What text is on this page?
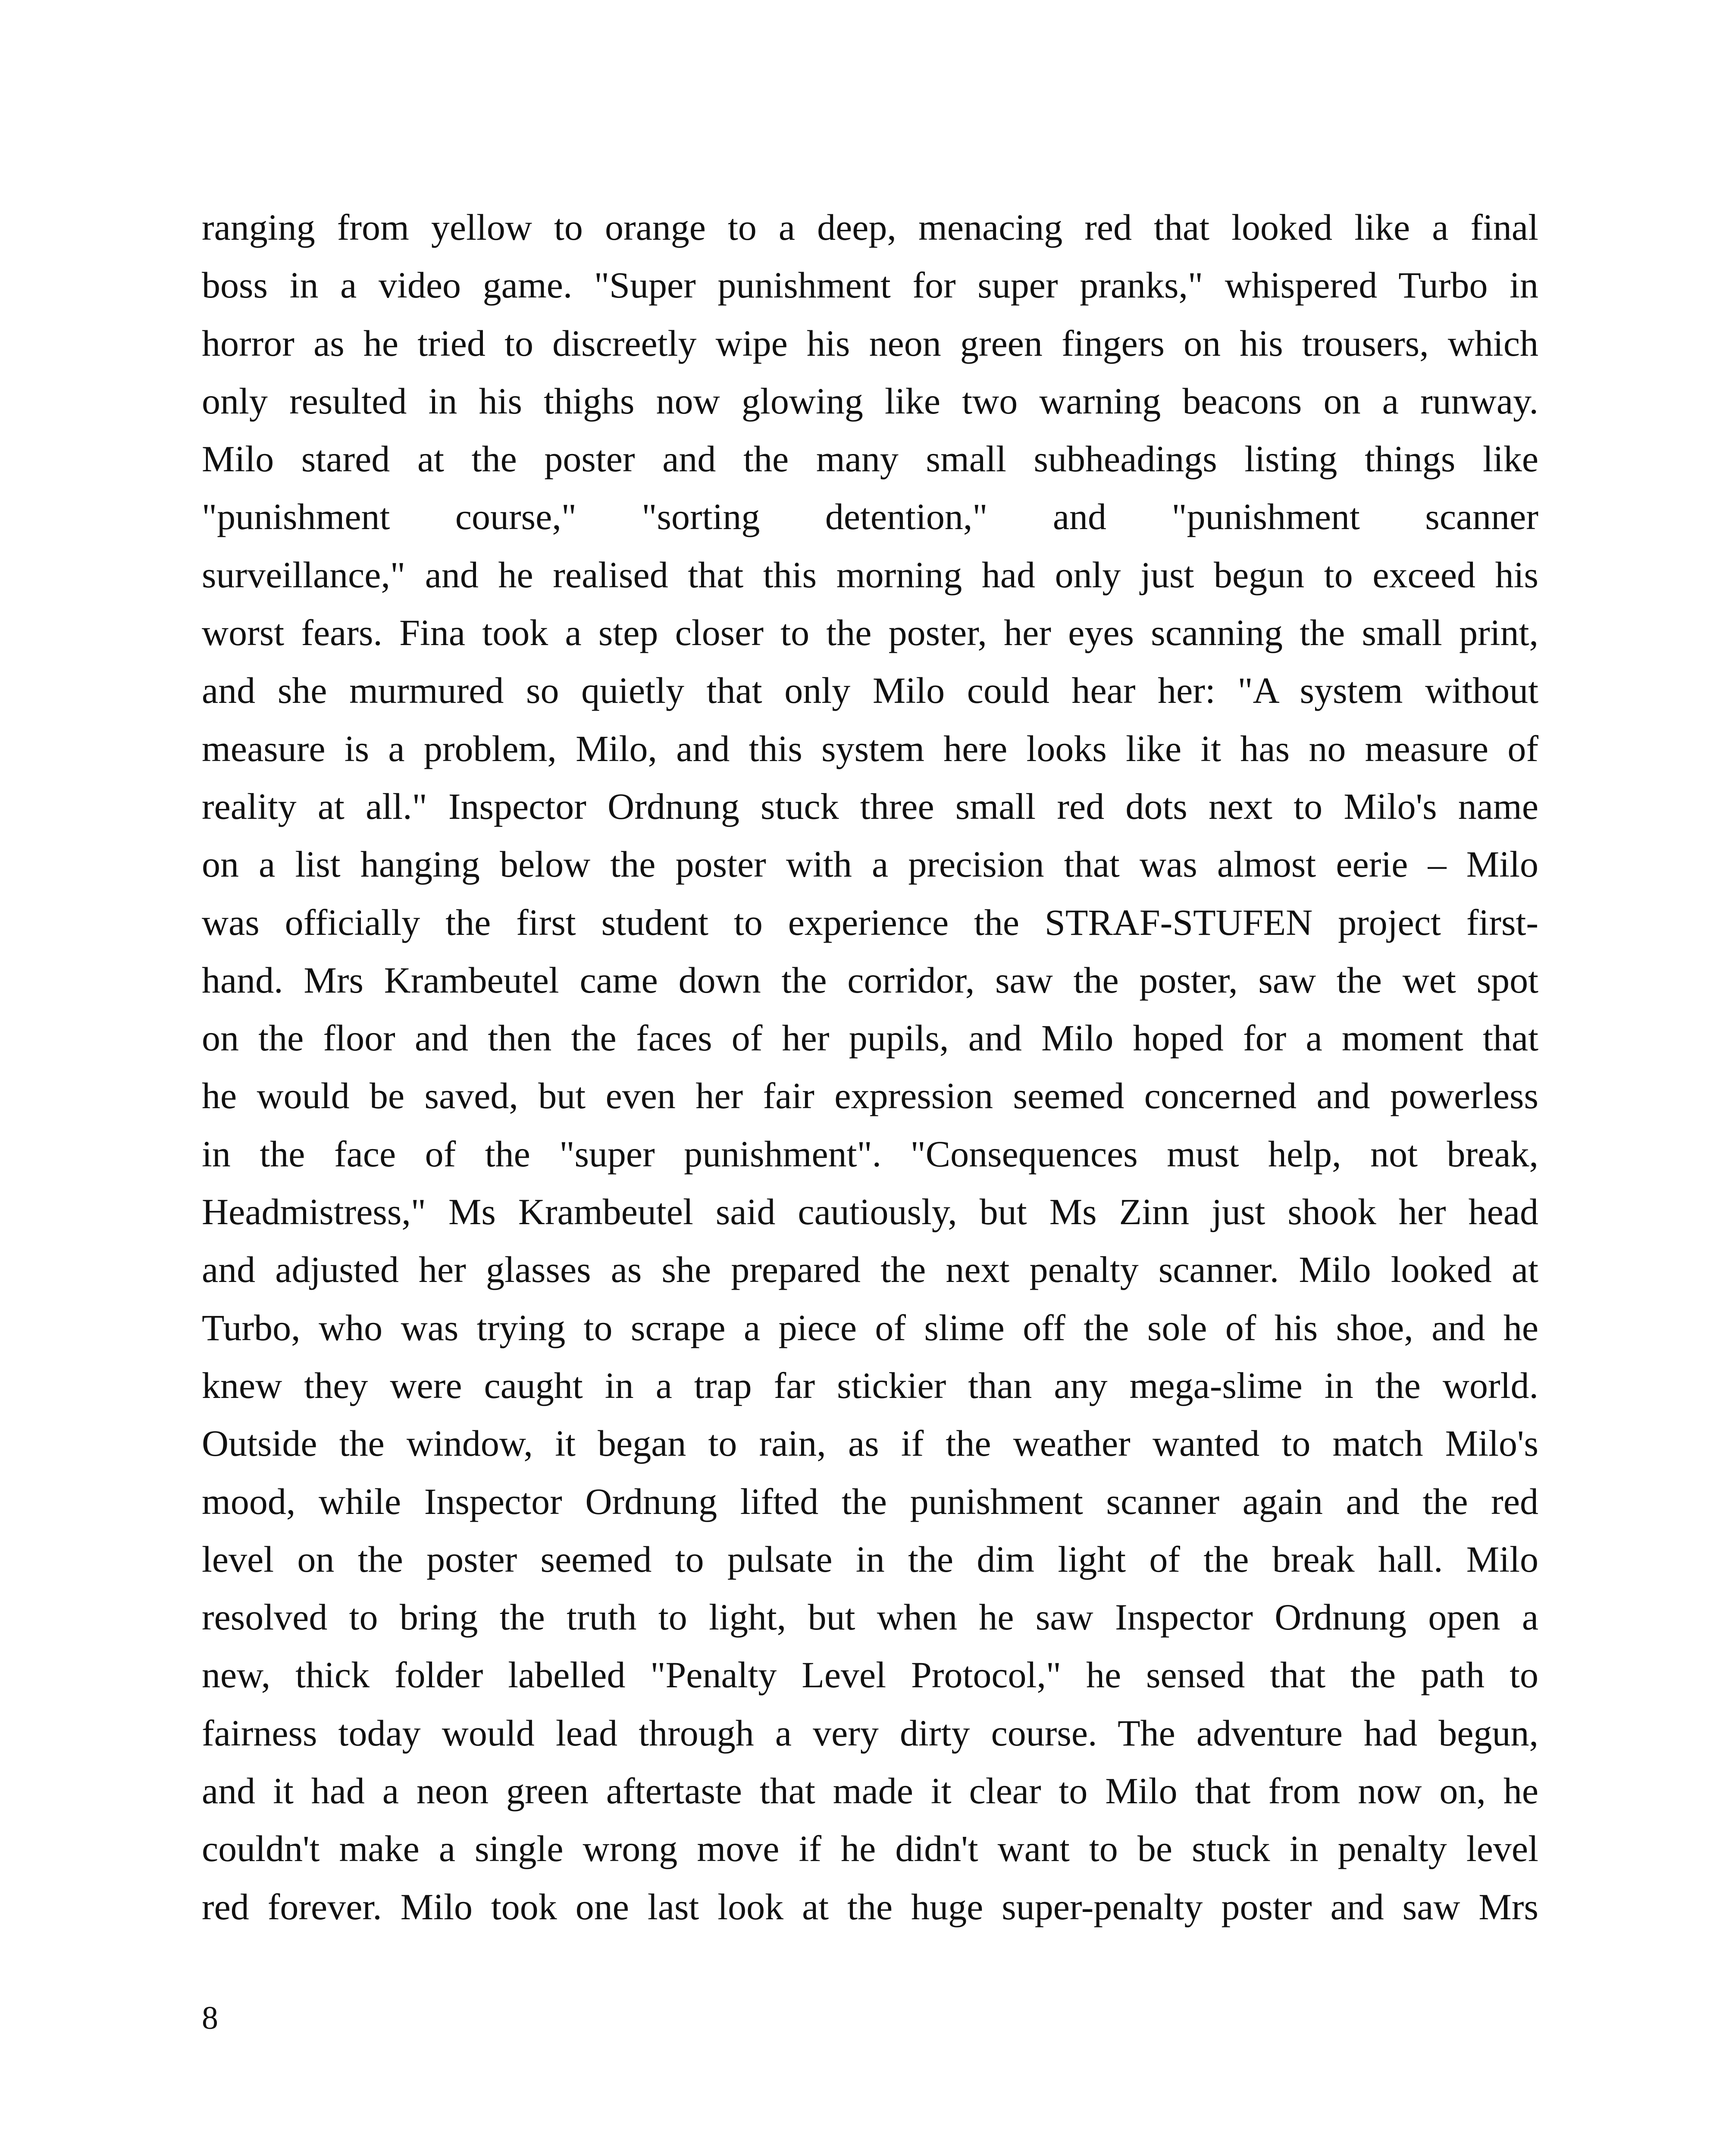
ranging from yellow to orange to a deep, menacing red that looked like a final
boss in a video game. "Super punishment for super pranks," whispered Turbo in
horror as he tried to discreetly wipe his neon green fingers on his trousers, which
only resulted in his thighs now glowing like two warning beacons on a runway.
Milo stared at the poster and the many small subheadings listing things like
"punishment course," "sorting detention," and "punishment scanner
surveillance," and he realised that this morning had only just begun to exceed his
worst fears. Fina took a step closer to the poster, her eyes scanning the small print,
and she murmured so quietly that only Milo could hear her: "A system without
measure is a problem, Milo, and this system here looks like it has no measure of
reality at all." Inspector Ordnung stuck three small red dots next to Milo's name
on a list hanging below the poster with a precision that was almost eerie – Milo
was officially the first student to experience the STRAF-STUFEN project first-
hand. Mrs Krambeutel came down the corridor, saw the poster, saw the wet spot
on the floor and then the faces of her pupils, and Milo hoped for a moment that
he would be saved, but even her fair expression seemed concerned and powerless
in the face of the "super punishment". "Consequences must help, not break,
Headmistress," Ms Krambeutel said cautiously, but Ms Zinn just shook her head
and adjusted her glasses as she prepared the next penalty scanner. Milo looked at
Turbo, who was trying to scrape a piece of slime off the sole of his shoe, and he
knew they were caught in a trap far stickier than any mega-slime in the world.
Outside the window, it began to rain, as if the weather wanted to match Milo's
mood, while Inspector Ordnung lifted the punishment scanner again and the red
level on the poster seemed to pulsate in the dim light of the break hall. Milo
resolved to bring the truth to light, but when he saw Inspector Ordnung open a
new, thick folder labelled "Penalty Level Protocol," he sensed that the path to
fairness today would lead through a very dirty course. The adventure had begun,
and it had a neon green aftertaste that made it clear to Milo that from now on, he
couldn't make a single wrong move if he didn't want to be stuck in penalty level
red forever. Milo took one last look at the huge super-penalty poster and saw Mrs
8
